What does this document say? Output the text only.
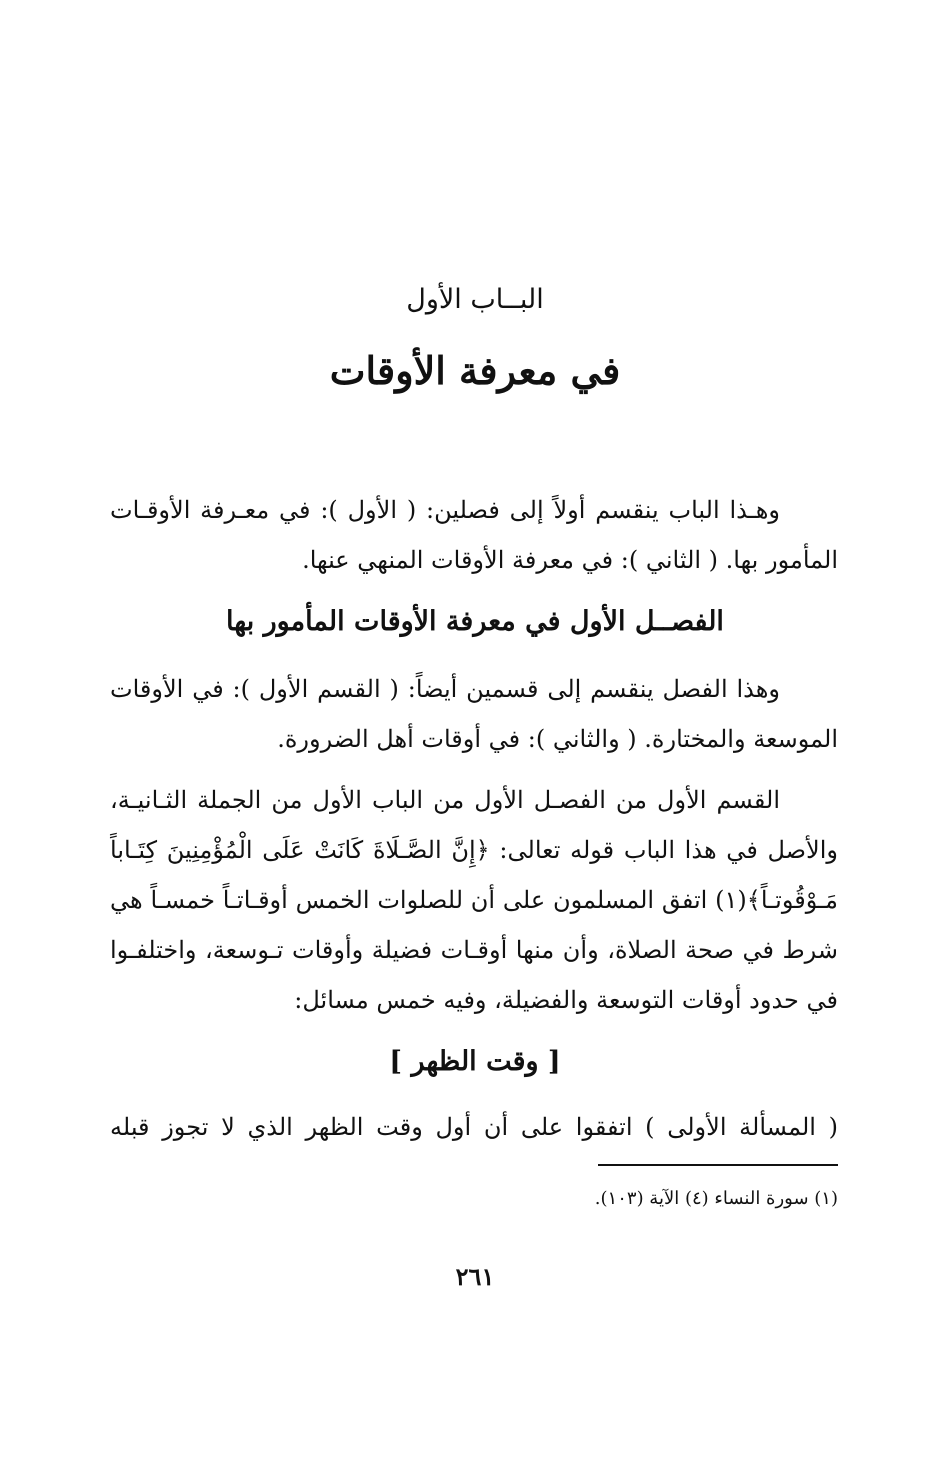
البــاب الأول
في معرفة الأوقات
وهـذا الباب ينقسم أولاً إلى فصلين: ( الأول ): في معـرفة الأوقـات
المأمور بها. ( الثاني ): في معرفة الأوقات المنهي عنها.
الفصــل الأول في معرفة الأوقات المأمور بها
وهذا الفصل ينقسم إلى قسمين أيضاً: ( القسم الأول ): في الأوقات
الموسعة والمختارة. ( والثاني ): في أوقات أهل الضرورة.
القسم الأول من الفصـل الأول من الباب الأول من الجملة الثـانيـة،
والأصل في هذا الباب قوله تعالى: ﴿إِنَّ الصَّـلَاةَ كَانَتْ عَلَى الْمُؤْمِنِينَ كِتَـاباً
مَـوْقُوتـاً﴾(١) اتفق المسلمون على أن للصلوات الخمس أوقـاتـاً خمسـاً هي
شرط في صحة الصلاة، وأن منها أوقـات فضيلة وأوقات تـوسعة، واختلفـوا
في حدود أوقات التوسعة والفضيلة، وفيه خمس مسائل:
[ وقت الظهر ]
( المسألة الأولى ) اتفقوا على أن أول وقت الظهر الذي لا تجوز قبله
(١) سورة النساء (٤) الآية (١٠٣).
٢٦١
